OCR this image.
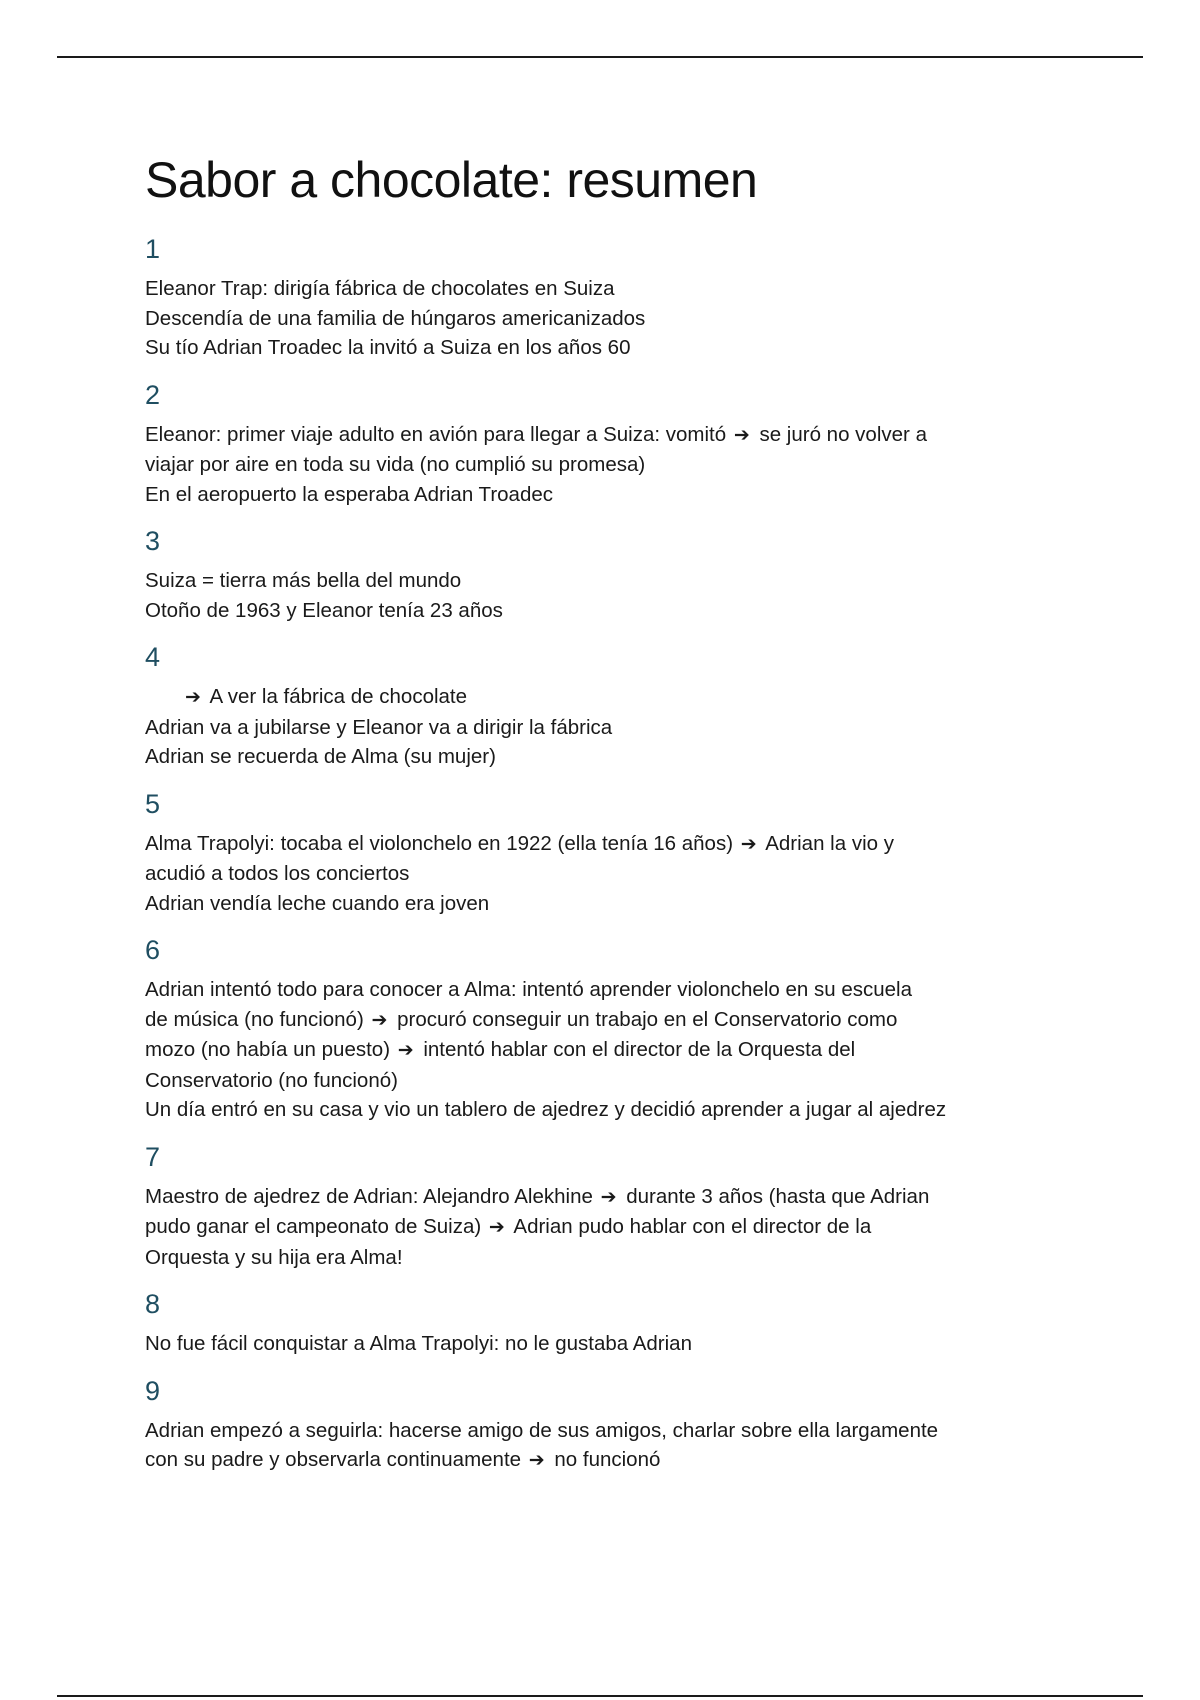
Sabor a chocolate: resumen
1

Eleanor Trap: dirigía fábrica de chocolates en Suiza

Descendía de una familia de húngaros americanizados

Su tío Adrian Troadec la invitó a Suiza en los años 60

2

Eleanor: primer viaje adulto en avión para llegar a Suiza: vomitó ➔ se juró no volver a

viajar por aire en toda su vida (no cumplió su promesa)

En el aeropuerto la esperaba Adrian Troadec

3

Suiza = tierra más bella del mundo

Otoño de 1963 y Eleanor tenía 23 años

4

➔ A ver la fábrica de chocolate

Adrian va a jubilarse y Eleanor va a dirigir la fábrica

Adrian se recuerda de Alma (su mujer)

5

Alma Trapolyi: tocaba el violonchelo en 1922 (ella tenía 16 años) ➔ Adrian la vio y

acudió a todos los conciertos

Adrian vendía leche cuando era joven

6

Adrian intentó todo para conocer a Alma: intentó aprender violonchelo en su escuela

de música (no funcionó) ➔ procuró conseguir un trabajo en el Conservatorio como

mozo (no había un puesto) ➔ intentó hablar con el director de la Orquesta del

Conservatorio (no funcionó)

Un día entró en su casa y vio un tablero de ajedrez y decidió aprender a jugar al ajedrez

7

Maestro de ajedrez de Adrian: Alejandro Alekhine ➔ durante 3 años (hasta que Adrian

pudo ganar el campeonato de Suiza) ➔ Adrian pudo hablar con el director de la

Orquesta y su hija era Alma!

8

No fue fácil conquistar a Alma Trapolyi: no le gustaba Adrian

9

Adrian empezó a seguirla: hacerse amigo de sus amigos, charlar sobre ella largamente

con su padre y observarla continuamente ➔ no funcionó
